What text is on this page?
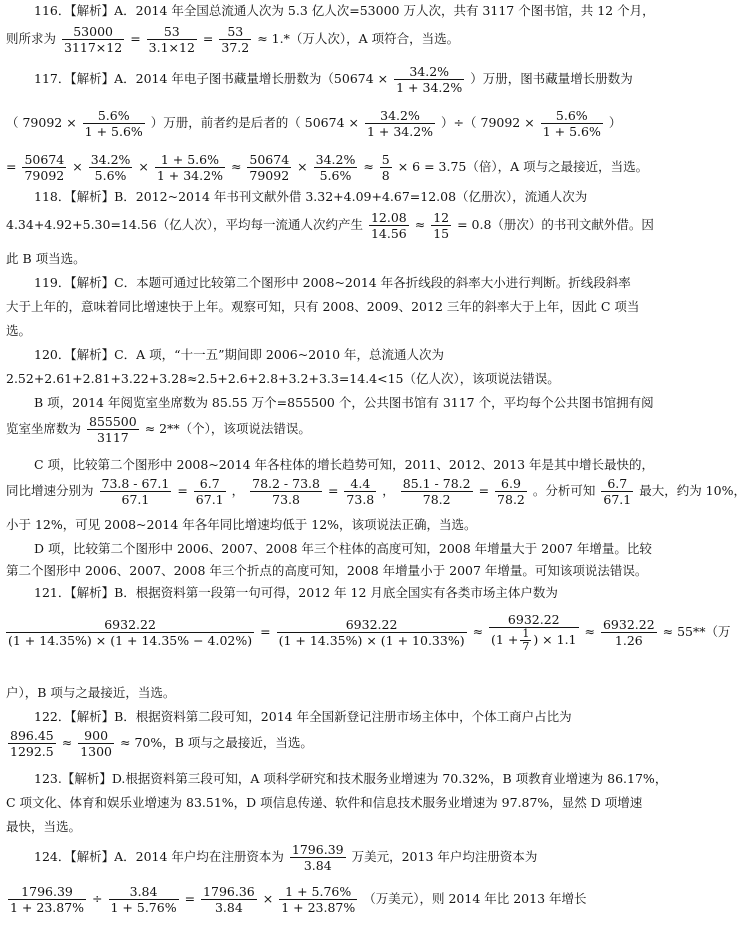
116．【解析】A．2014 年全国总流通人次为 5.3 亿人次=53000 万人次，共有 3117 个图书馆，共 12 个月，
则所求为 $\frac{53000}{3117\times 12} = \frac{53}{3.1\times 12} = \frac{53}{37.2} \approx 1.*$（万人次），A 项符合，当选。
117．【解析】A．2014 年电子图书藏量增长册数为（$50674 \times \frac{34.2\%}{1 + 34.2\%}$ ）万册，图书藏量增长册数为
（ $79092 \times \frac{5.6\%}{1 + 5.6\%}$ ）万册，前者约是后者的（ $50674 \times \frac{34.2\%}{1 + 34.2\%}$ ）÷（ $79092 \times \frac{5.6\%}{1 + 5.6\%}$ ）
= $\frac{50674}{79092} \times \frac{34.2\%}{5.6\%} \times \frac{1 + 5.6\%}{1 + 34.2\%} \approx \frac{50674}{79092} \times \frac{34.2\%}{5.6\%} \approx \frac{5}{8} \times 6 = 3.75$（倍），A 项与之最接近，当选。
118．【解析】B．2012~2014 年书刊文献外借 3.32+4.09+4.67=12.08（亿册次），流通人次为
4.34+4.92+5.30=14.56（亿人次），平均每一流通人次约产生 $\frac{12.08}{14.56} \approx \frac{12}{15} = 0.8$（册次）的书刊文献外借。因
此 B 项当选。
119．【解析】C．本题可通过比较第二个图形中 2008~2014 年各折线段的斜率大小进行判断。折线段斜率
大于上年的，意味着同比增速快于上年。观察可知，只有 2008、2009、2012 三年的斜率大于上年，因此 C 项当
选。
120．【解析】C．A 项，“十一五”期间即 2006~2010 年，总流通人次为
2.52+2.61+2.81+3.22+3.28≈2.5+2.6+2.8+3.2+3.3=14.4<15（亿人次），该项说法错误。
B 项，2014 年阅览室坐席数为 85.55 万个=855500 个，公共图书馆有 3117 个，平均每个公共图书馆拥有阅
览室坐席数为 $\frac{855500}{3117} \approx 2**$（个），该项说法错误。
C 项，比较第二个图形中 2008~2014 年各柱体的增长趋势可知，2011、2012、2013 年是其中增长最快的，
同比增速分别为 $\frac{73.8 - 67.1}{67.1} = \frac{6.7}{67.1}$ ， $\frac{78.2 - 73.8}{73.8} = \frac{4.4}{73.8}$ ， $\frac{85.1 - 78.2}{78.2} = \frac{6.9}{78.2}$ 。分析可知 $\frac{6.7}{67.1}$ 最大，约为 10%，
小于 12%，可见 2008~2014 年各年同比增速均低于 12%，该项说法正确，当选。
D 项，比较第二个图形中 2006、2007、2008 年三个柱体的高度可知，2008 年增量大于 2007 年增量。比较
第二个图形中 2006、2007、2008 年三个折点的高度可知，2008 年增量小于 2007 年增量。可知该项说法错误。
121．【解析】B．根据资料第一段第一句可得，2012 年 12 月底全国实有各类市场主体户数为
$\frac{6932.22}{(1 + 14.35\%) \times (1 + 14.35\% - 4.02\%)} = \frac{6932.22}{(1 + 14.35\%) \times (1 + 10.33\%)} \approx \frac{6932.22}{(1 + \frac{1}{7} ) \times 1.1} \approx \frac{6932.22}{1.26} \approx 55**$（万
户），B 项与之最接近，当选。
122．【解析】B．根据资料第二段可知，2014 年全国新登记注册市场主体中，个体工商户占比为
$\frac{896.45}{1292.5} \approx \frac{900}{1300} \approx 70\%$，B 项与之最接近，当选。
123.【解析】D.根据资料第三段可知，A 项科学研究和技术服务业增速为 70.32%，B 项教育业增速为 86.17%，
C 项文化、体育和娱乐业增速为 83.51%，D 项信息传递、软件和信息技术服务业增速为 97.87%，显然 D 项增速
最快，当选。
124．【解析】A．2014 年户均在注册资本为 $\frac{1796.39}{3.84}$ 万美元，2013 年户均注册资本为
$\frac{1796.39}{1 + 23.87\%} \div \frac{3.84}{1 + 5.76\%} = \frac{1796.36}{3.84} \times \frac{1 + 5.76\%}{1 + 23.87\%}$ （万美元），则 2014 年比 2013 年增长
